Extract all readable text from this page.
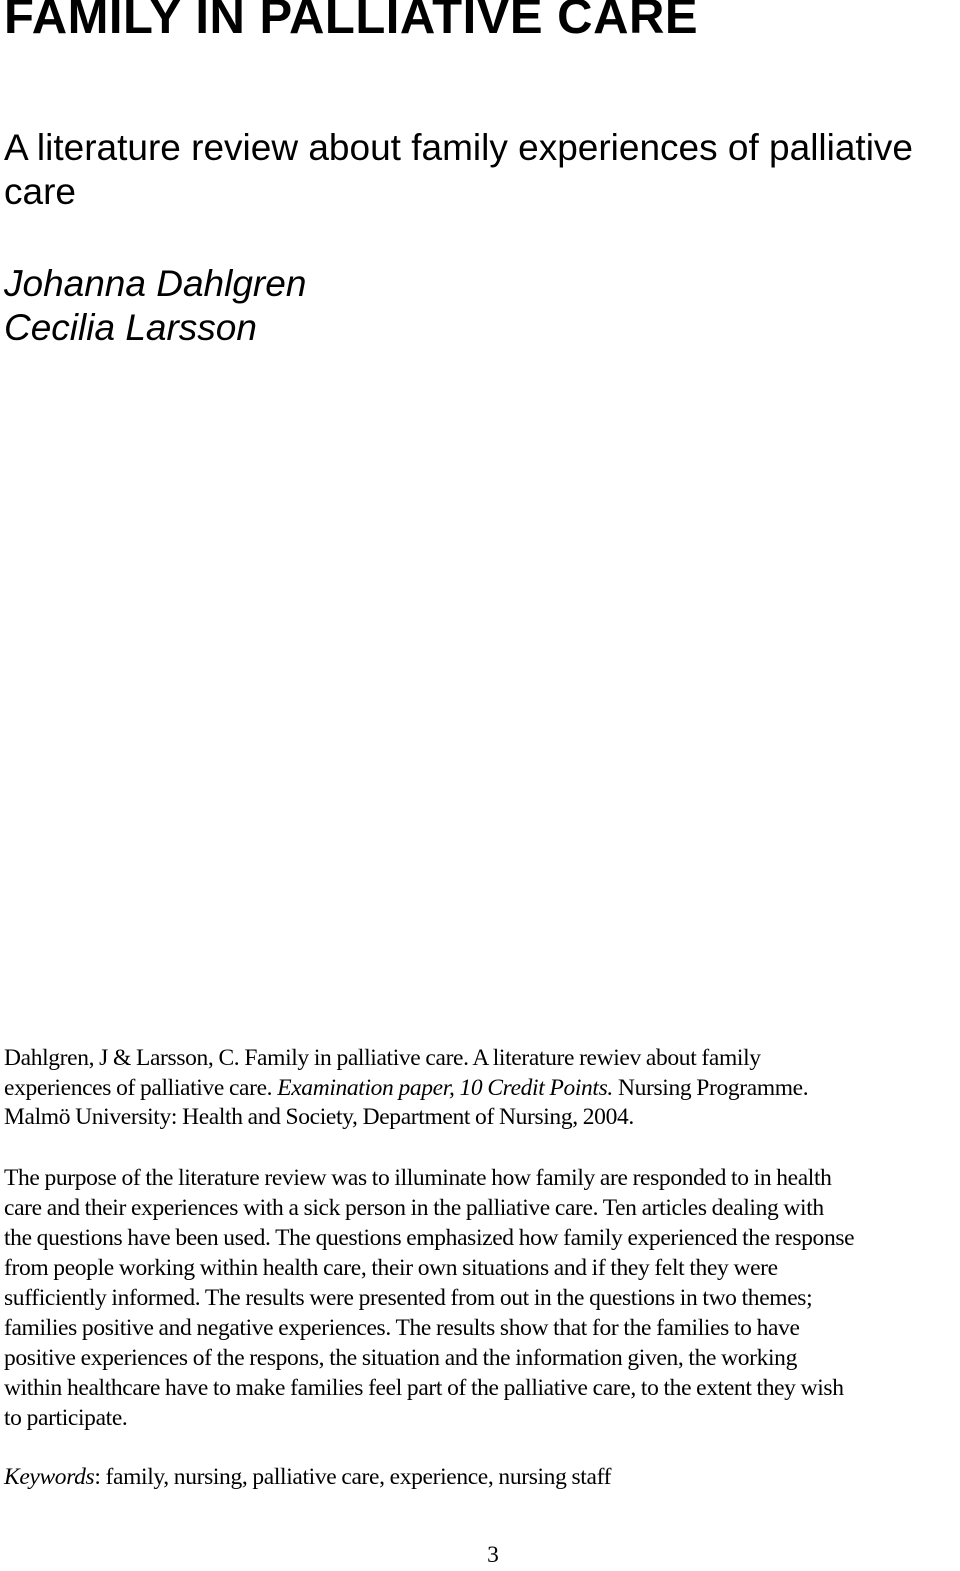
FAMILY IN PALLIATIVE CARE
A literature review about family experiences of palliative care
Johanna Dahlgren
Cecilia Larsson
Dahlgren, J & Larsson, C. Family in palliative care. A literature rewiev about family
experiences of palliative care. Examination paper, 10 Credit Points. Nursing Programme.
Malmö University: Health and Society, Department of Nursing, 2004.
The purpose of the literature review was to illuminate how family are responded to in health
care and their experiences with a sick person in the palliative care. Ten articles dealing with
the questions have been used. The questions emphasized how family experienced the response
from people working within health care, their own situations and if they felt they were
sufficiently informed. The results were presented from out in the questions in two themes;
families positive and negative experiences. The results show that for the families to have
positive experiences of the respons, the situation and the information given, the working
within healthcare have to make families feel part of the palliative care, to the extent they wish
to participate.
Keywords: family, nursing, palliative care, experience, nursing staff
3
